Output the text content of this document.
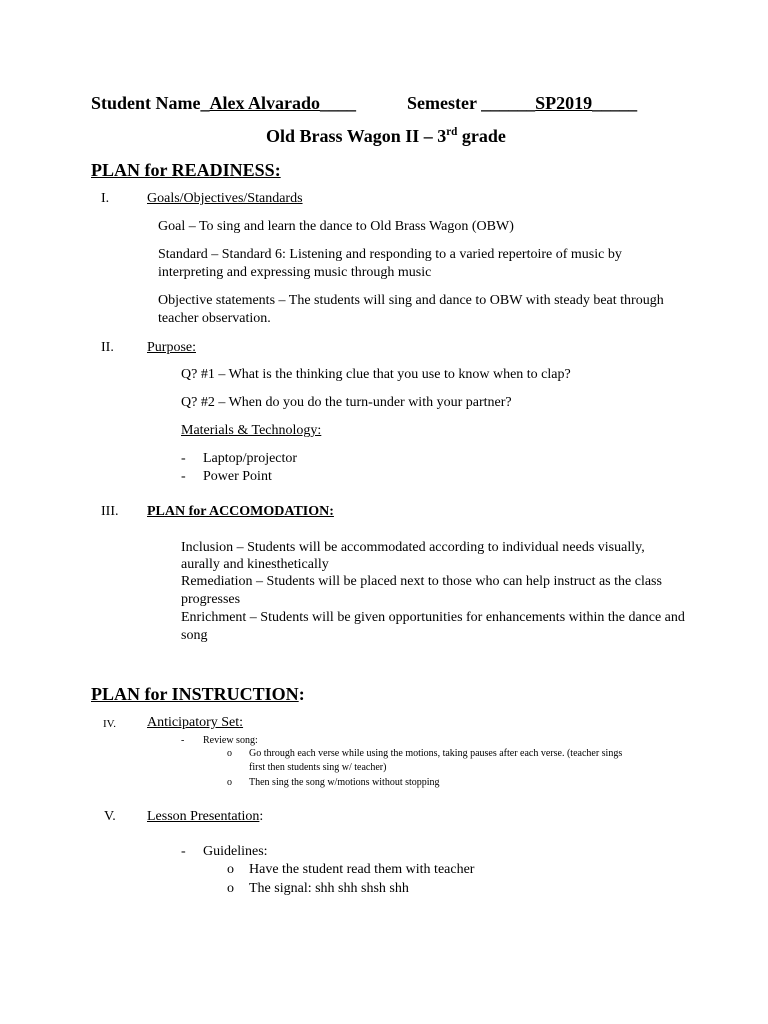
Student Name_Alex Alvarado____	Semester ______SP2019_____
Old Brass Wagon II – 3rd grade
PLAN for READINESS:
I.	Goals/Objectives/Standards
Goal – To sing and learn the dance to Old Brass Wagon (OBW)
Standard – Standard 6: Listening and responding to a varied repertoire of music by
interpreting and expressing music through music
Objective statements – The students will sing and dance to OBW with steady beat through
teacher observation.
II. Purpose:
Q? #1 – What is the thinking clue that you use to know when to clap?
Q? #2 – When do you do the turn-under with your partner?
Materials & Technology:
- Laptop/projector
- Power Point
III. PLAN for ACCOMODATION:
Inclusion – Students will be accommodated according to individual needs visually,
aurally and kinesthetically
Remediation – Students will be placed next to those who can help instruct as the class
progresses
Enrichment – Students will be given opportunities for enhancements within the dance and
song
PLAN for INSTRUCTION:
IV. Anticipatory Set:
- Review song:
o Go through each verse while using the motions, taking pauses after each verse. (teacher sings
first then students sing w/ teacher)
o Then sing the song w/motions without stopping
V. Lesson Presentation:
- Guidelines:
o Have the student read them with teacher
o The signal: shh shh shsh shh
